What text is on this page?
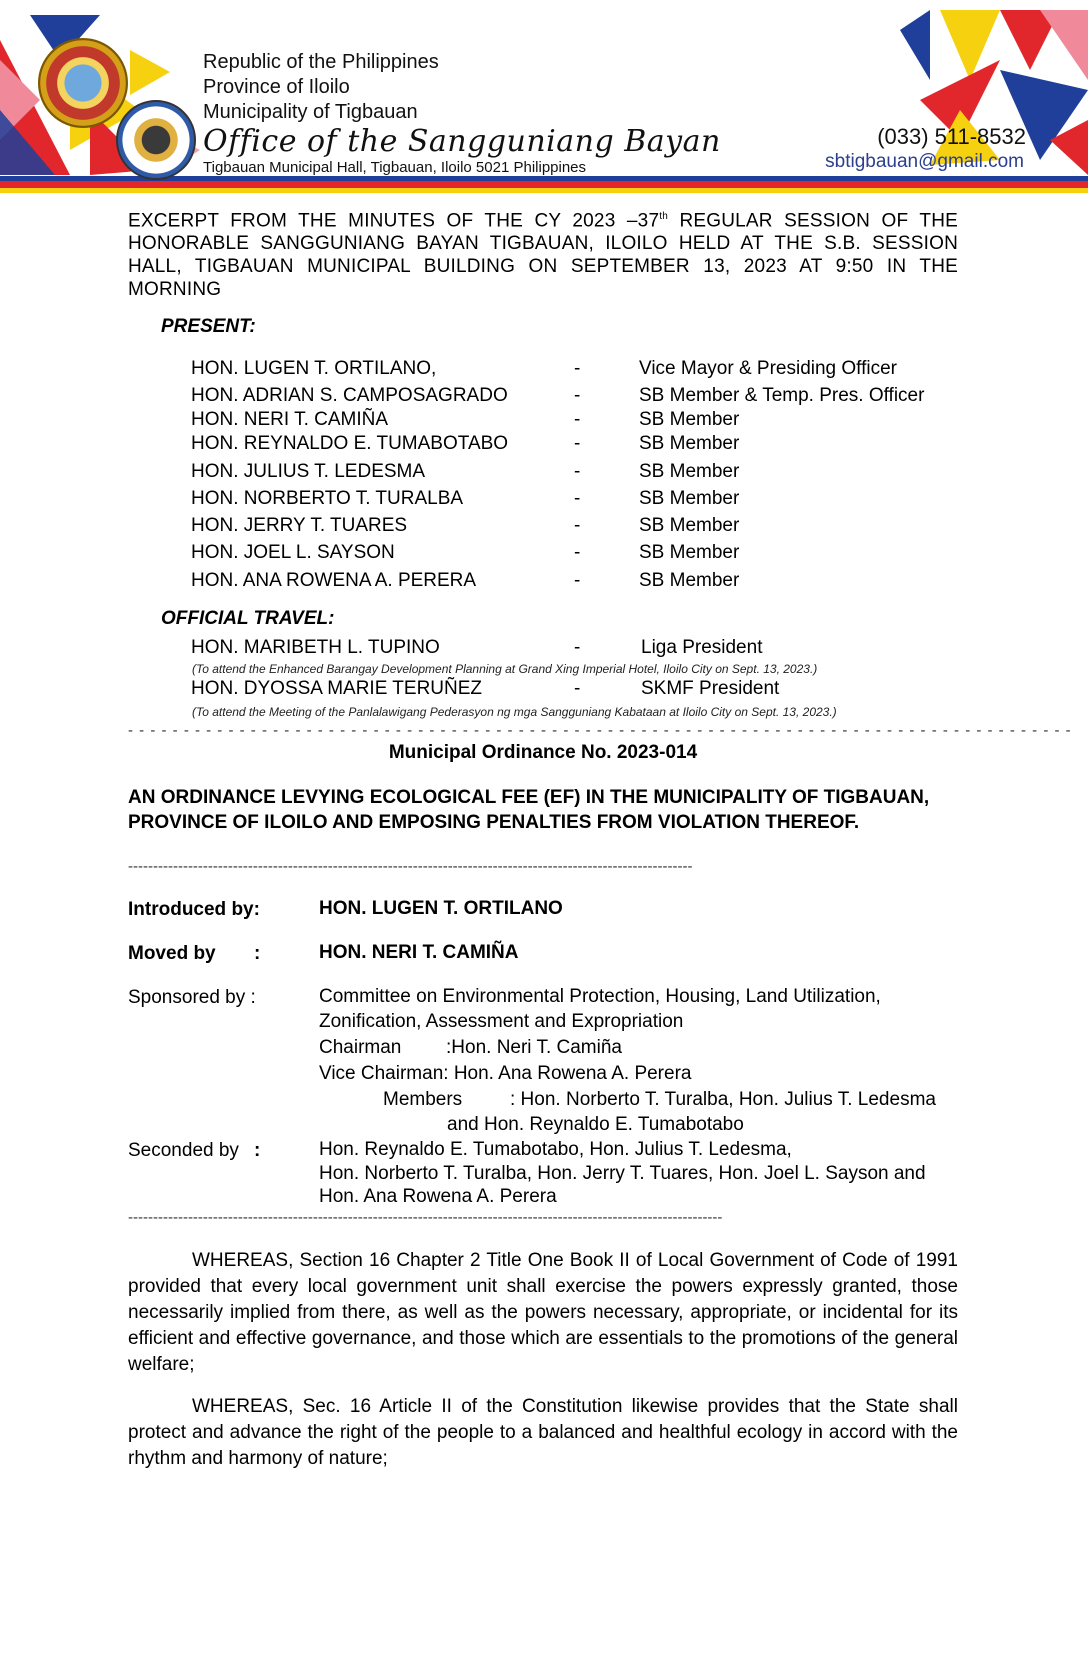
Republic of the Philippines
Province of Iloilo
Municipality of Tigbauan
Office of the Sangguniang Bayan
Tigbauan Municipal Hall, Tigbauan, Iloilo 5021 Philippines
(033) 511-8532
sbtigbauan@gmail.com
EXCERPT FROM THE MINUTES OF THE CY 2023 –37th REGULAR SESSION OF THE HONORABLE SANGGUNIANG BAYAN TIGBAUAN, ILOILO HELD AT THE S.B. SESSION HALL, TIGBAUAN MUNICIPAL BUILDING ON SEPTEMBER 13, 2023 AT 9:50 IN THE MORNING
PRESENT:
HON. LUGEN T. ORTILANO,	-	Vice Mayor & Presiding Officer
HON. ADRIAN S. CAMPOSAGRADO	-	SB Member & Temp. Pres. Officer
HON. NERI T. CAMIÑA	-	SB Member
HON. REYNALDO E. TUMABOTABO	-	SB Member
HON. JULIUS T. LEDESMA	-	SB Member
HON. NORBERTO T. TURALBA	-	SB Member
HON. JERRY T. TUARES	-	SB Member
HON. JOEL L. SAYSON	-	SB Member
HON. ANA ROWENA A. PERERA	-	SB Member
OFFICIAL TRAVEL:
HON. MARIBETH L. TUPINO	-	Liga President
(To attend the Enhanced Barangay Development Planning at Grand Xing Imperial Hotel, Iloilo City on Sept. 13, 2023.)
HON. DYOSSA MARIE TERUÑEZ	-	SKMF President
(To attend the Meeting of the Panlalawigang Pederasyon ng mga Sangguniang Kabataan at Iloilo City on Sept. 13, 2023.)
- - - - - - - - - - - - - - - - - - - - - - - - - - - - - - - - - - - - - - - - - - - - - - - - - - - - - - - - - - - - - - - - - - - - - - - - - - - - - - - - - - - - -
Municipal Ordinance No. 2023-014
AN ORDINANCE LEVYING ECOLOGICAL FEE (EF) IN THE MUNICIPALITY OF TIGBAUAN, PROVINCE OF ILOILO AND EMPOSING PENALTIES FROM VIOLATION THEREOF.
-----------------------------------------------------------------------------------------------------------------
Introduced by:	HON. LUGEN T. ORTILANO
Moved by :	HON. NERI T. CAMIÑA
Sponsored by :	Committee on Environmental Protection, Housing, Land Utilization,
Zonification, Assessment and Expropriation
Chairman :Hon. Neri T. Camiña
Vice Chairman: Hon. Ana Rowena A. Perera
Members	: Hon. Norberto T. Turalba, Hon. Julius T. Ledesma
and Hon. Reynaldo E. Tumabotabo
Seconded by :	Hon. Reynaldo E. Tumabotabo, Hon. Julius T. Ledesma,
Hon. Norberto T. Turalba, Hon. Jerry T. Tuares, Hon. Joel L. Sayson and
Hon. Ana Rowena A. Perera
-----------------------------------------------------------------------------------------------------------------------
WHEREAS, Section 16 Chapter 2 Title One Book II of Local Government of Code of 1991 provided that every local government unit shall exercise the powers expressly granted, those necessarily implied from there, as well as the powers necessary, appropriate, or incidental for its efficient and effective governance, and those which are essentials to the promotions of the general welfare;
WHEREAS, Sec. 16 Article II of the Constitution likewise provides that the State shall protect and advance the right of the people to a balanced and healthful ecology in accord with the rhythm and harmony of nature;
